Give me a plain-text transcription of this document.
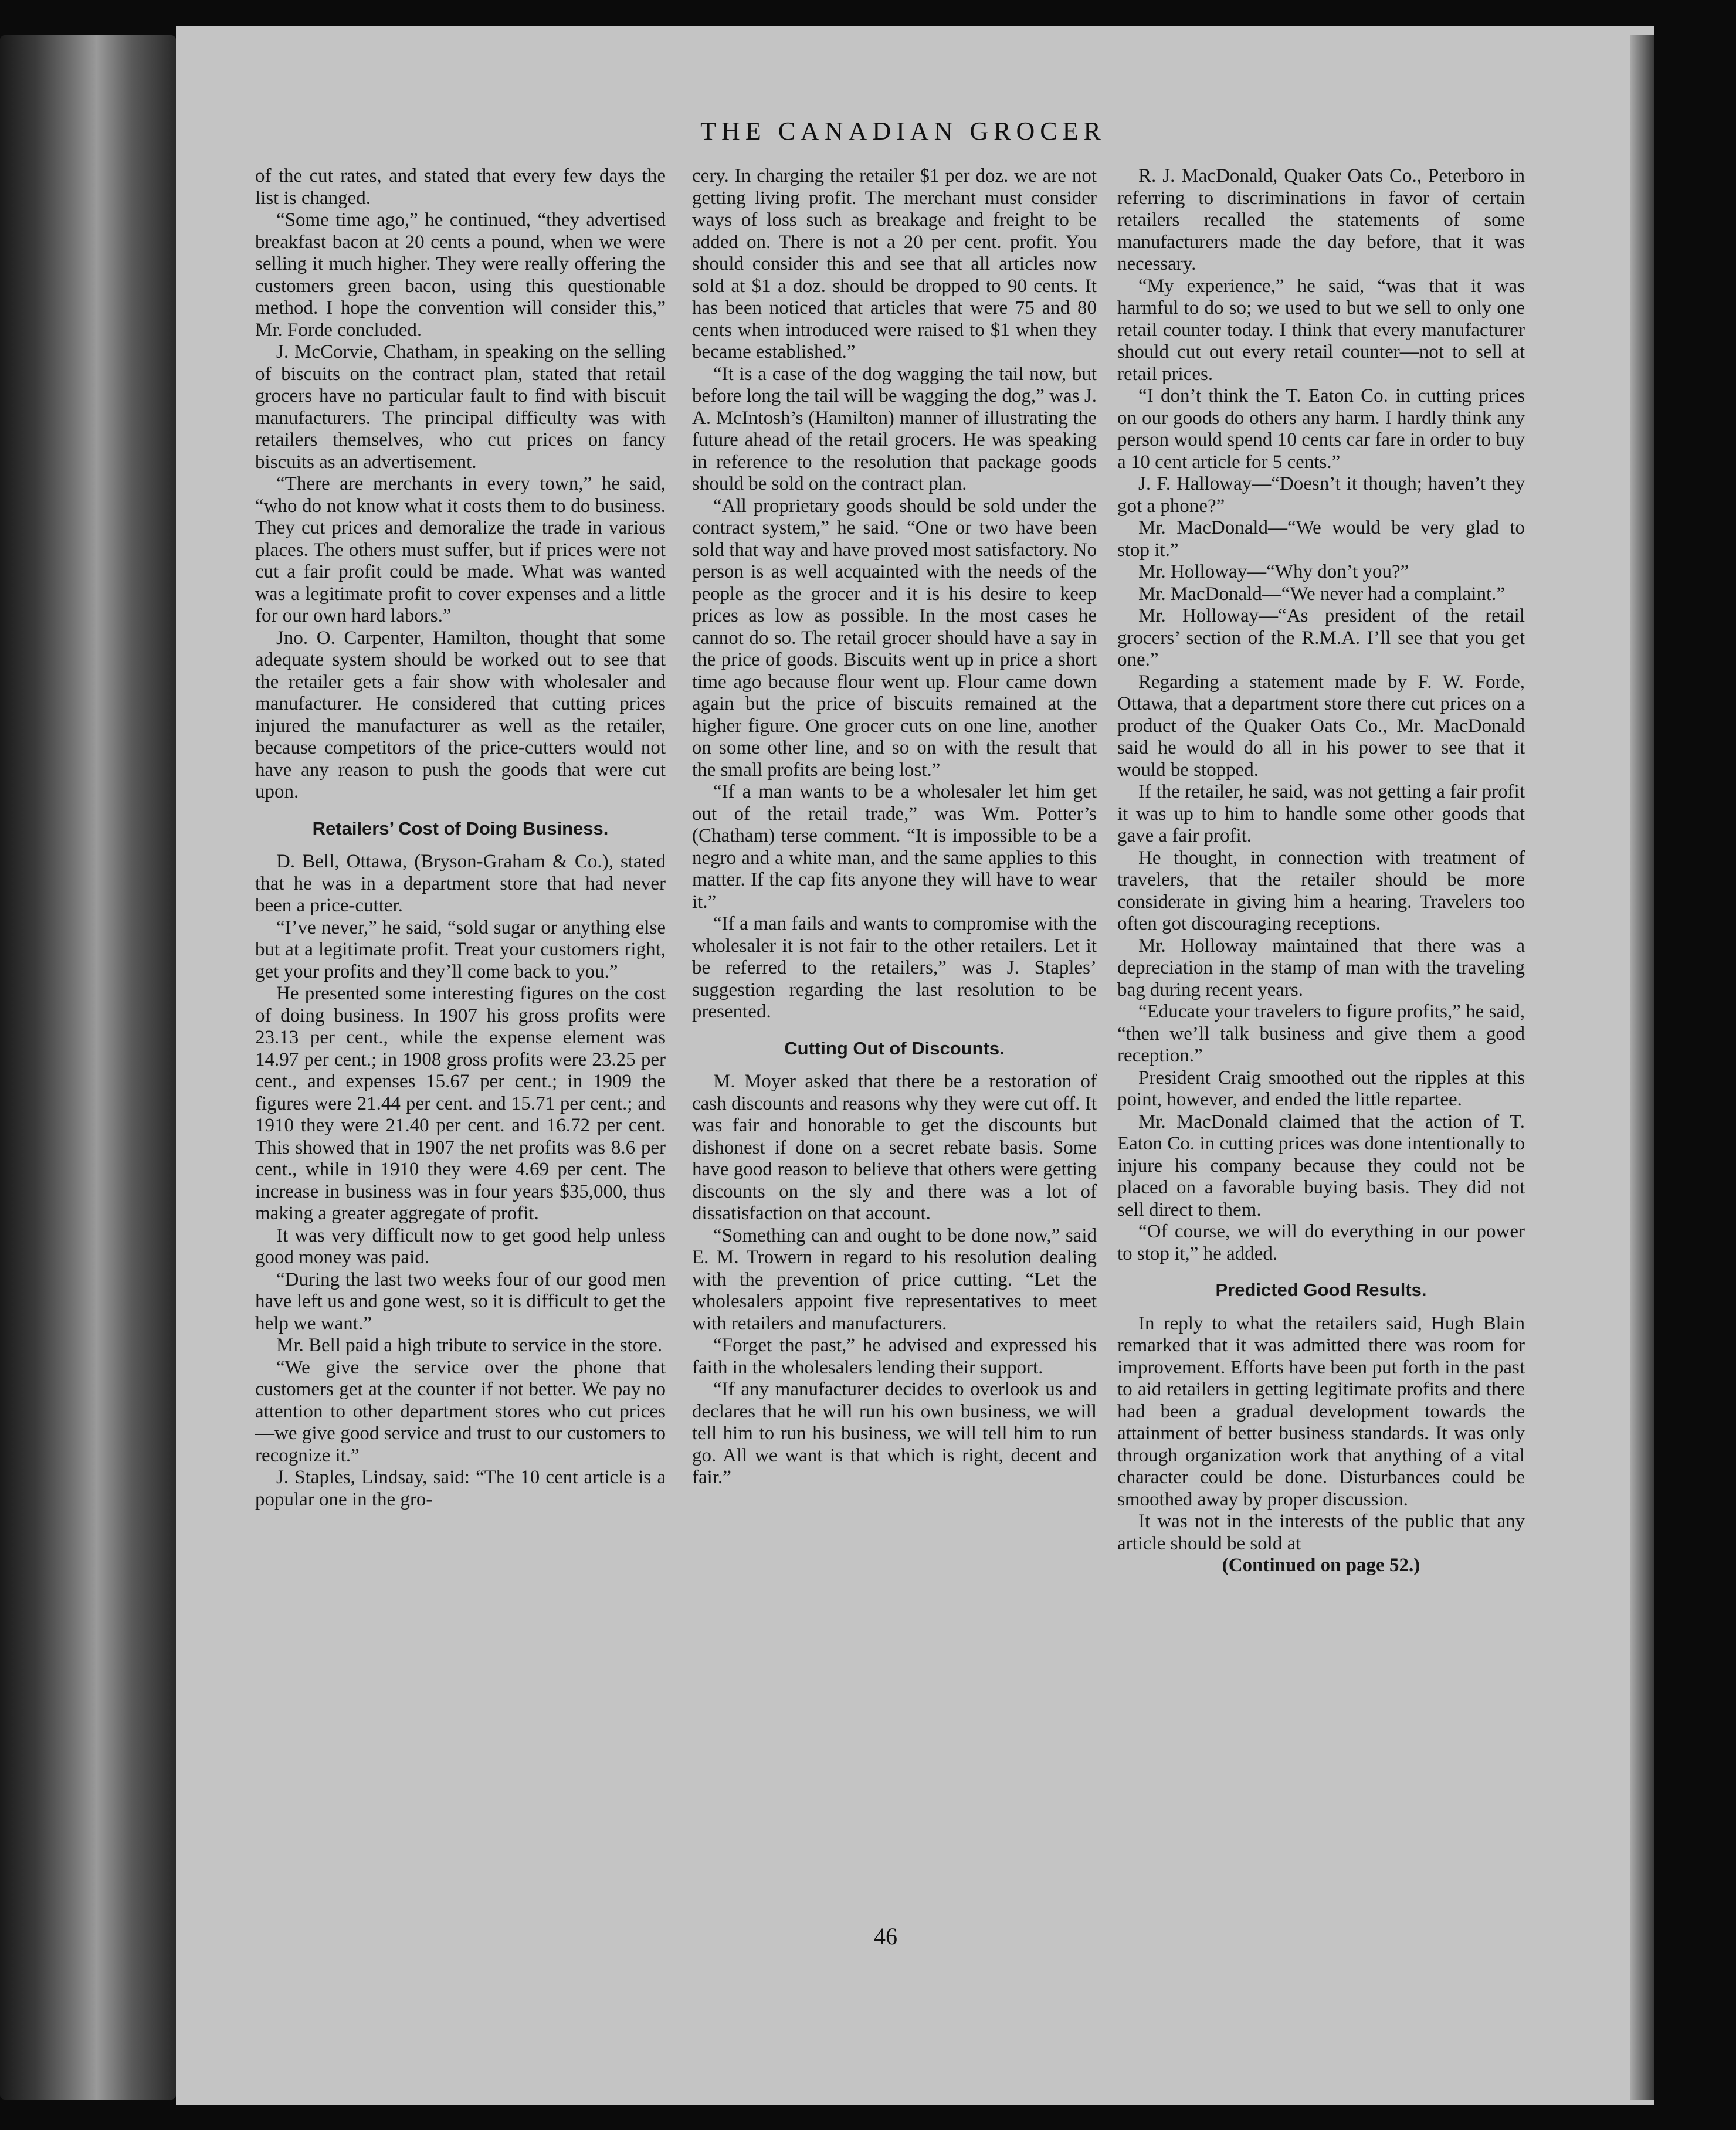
THE CANADIAN GROCER

of the cut rates, and stated that every few days the list is changed.

“Some time ago,” he continued, “they advertised breakfast bacon at 20 cents a pound, when we were selling it much higher. They were really offering the customers green bacon, using this questionable method. I hope the convention will consider this,” Mr. Forde concluded.

J. McCorvie, Chatham, in speaking on the selling of biscuits on the contract plan, stated that retail grocers have no particular fault to find with biscuit manufacturers. The principal difficulty was with retailers themselves, who cut prices on fancy biscuits as an advertisement.

“There are merchants in every town,” he said, “who do not know what it costs them to do business. They cut prices and demoralize the trade in various places. The others must suffer, but if prices were not cut a fair profit could be made. What was wanted was a legitimate profit to cover expenses and a little for our own hard labors.”

Jno. O. Carpenter, Hamilton, thought that some adequate system should be worked out to see that the retailer gets a fair show with wholesaler and manufacturer. He considered that cutting prices injured the manufacturer as well as the retailer, because competitors of the price-cutters would not have any reason to push the goods that were cut upon.

Retailers’ Cost of Doing Business.

D. Bell, Ottawa, (Bryson-Graham & Co.), stated that he was in a department store that had never been a price-cutter.

“I’ve never,” he said, “sold sugar or anything else but at a legitimate profit. Treat your customers right, get your profits and they’ll come back to you.”

He presented some interesting figures on the cost of doing business. In 1907 his gross profits were 23.13 per cent., while the expense element was 14.97 per cent.; in 1908 gross profits were 23.25 per cent., and expenses 15.67 per cent.; in 1909 the figures were 21.44 per cent. and 15.71 per cent.; and 1910 they were 21.40 per cent. and 16.72 per cent. This showed that in 1907 the net profits was 8.6 per cent., while in 1910 they were 4.69 per cent. The increase in business was in four years $35,000, thus making a greater aggregate of profit.

It was very difficult now to get good help unless good money was paid.

“During the last two weeks four of our good men have left us and gone west, so it is difficult to get the help we want.”

Mr. Bell paid a high tribute to service in the store.

“We give the service over the phone that customers get at the counter if not better. We pay no attention to other department stores who cut prices—we give good service and trust to our customers to recognize it.”

J. Staples, Lindsay, said: “The 10 cent article is a popular one in the gro-

cery. In charging the retailer $1 per doz. we are not getting living profit. The merchant must consider ways of loss such as breakage and freight to be added on. There is not a 20 per cent. profit. You should consider this and see that all articles now sold at $1 a doz. should be dropped to 90 cents. It has been noticed that articles that were 75 and 80 cents when introduced were raised to $1 when they became established.”

“It is a case of the dog wagging the tail now, but before long the tail will be wagging the dog,” was J. A. McIntosh’s (Hamilton) manner of illustrating the future ahead of the retail grocers. He was speaking in reference to the resolution that package goods should be sold on the contract plan.

“All proprietary goods should be sold under the contract system,” he said. “One or two have been sold that way and have proved most satisfactory. No person is as well acquainted with the needs of the people as the grocer and it is his desire to keep prices as low as possible. In the most cases he cannot do so. The retail grocer should have a say in the price of goods. Biscuits went up in price a short time ago because flour went up. Flour came down again but the price of biscuits remained at the higher figure. One grocer cuts on one line, another on some other line, and so on with the result that the small profits are being lost.”

“If a man wants to be a wholesaler let him get out of the retail trade,” was Wm. Potter’s (Chatham) terse comment. “It is impossible to be a negro and a white man, and the same applies to this matter. If the cap fits anyone they will have to wear it.”

“If a man fails and wants to compromise with the wholesaler it is not fair to the other retailers. Let it be referred to the retailers,” was J. Staples’ suggestion regarding the last resolution to be presented.

Cutting Out of Discounts.

M. Moyer asked that there be a restoration of cash discounts and reasons why they were cut off. It was fair and honorable to get the discounts but dishonest if done on a secret rebate basis. Some have good reason to believe that others were getting discounts on the sly and there was a lot of dissatisfaction on that account.

“Something can and ought to be done now,” said E. M. Trowern in regard to his resolution dealing with the prevention of price cutting. “Let the wholesalers appoint five representatives to meet with retailers and manufacturers.

“Forget the past,” he advised and expressed his faith in the wholesalers lending their support.

“If any manufacturer decides to overlook us and declares that he will run his own business, we will tell him to run his business, we will tell him to run go. All we want is that which is right, decent and fair.”

R. J. MacDonald, Quaker Oats Co., Peterboro in referring to discriminations in favor of certain retailers recalled the statements of some manufacturers made the day before, that it was necessary.

“My experience,” he said, “was that it was harmful to do so; we used to but we sell to only one retail counter today. I think that every manufacturer should cut out every retail counter—not to sell at retail prices.

“I don’t think the T. Eaton Co. in cutting prices on our goods do others any harm. I hardly think any person would spend 10 cents car fare in order to buy a 10 cent article for 5 cents.”

J. F. Halloway—“Doesn’t it though; haven’t they got a phone?”

Mr. MacDonald—“We would be very glad to stop it.”

Mr. Holloway—“Why don’t you?”

Mr. MacDonald—“We never had a complaint.”

Mr. Holloway—“As president of the retail grocers’ section of the R.M.A. I’ll see that you get one.”

Regarding a statement made by F. W. Forde, Ottawa, that a department store there cut prices on a product of the Quaker Oats Co., Mr. MacDonald said he would do all in his power to see that it would be stopped.

If the retailer, he said, was not getting a fair profit it was up to him to handle some other goods that gave a fair profit.

He thought, in connection with treatment of travelers, that the retailer should be more considerate in giving him a hearing. Travelers too often got discouraging receptions.

Mr. Holloway maintained that there was a depreciation in the stamp of man with the traveling bag during recent years.

“Educate your travelers to figure profits,” he said, “then we’ll talk business and give them a good reception.”

President Craig smoothed out the ripples at this point, however, and ended the little repartee.

Mr. MacDonald claimed that the action of T. Eaton Co. in cutting prices was done intentionally to injure his company because they could not be placed on a favorable buying basis. They did not sell direct to them.

“Of course, we will do everything in our power to stop it,” he added.

Predicted Good Results.

In reply to what the retailers said, Hugh Blain remarked that it was admitted there was room for improvement. Efforts have been put forth in the past to aid retailers in getting legitimate profits and there had been a gradual development towards the attainment of better business standards. It was only through organization work that anything of a vital character could be done. Disturbances could be smoothed away by proper discussion.

It was not in the interests of the public that any article should be sold at

(Continued on page 52.)

46
